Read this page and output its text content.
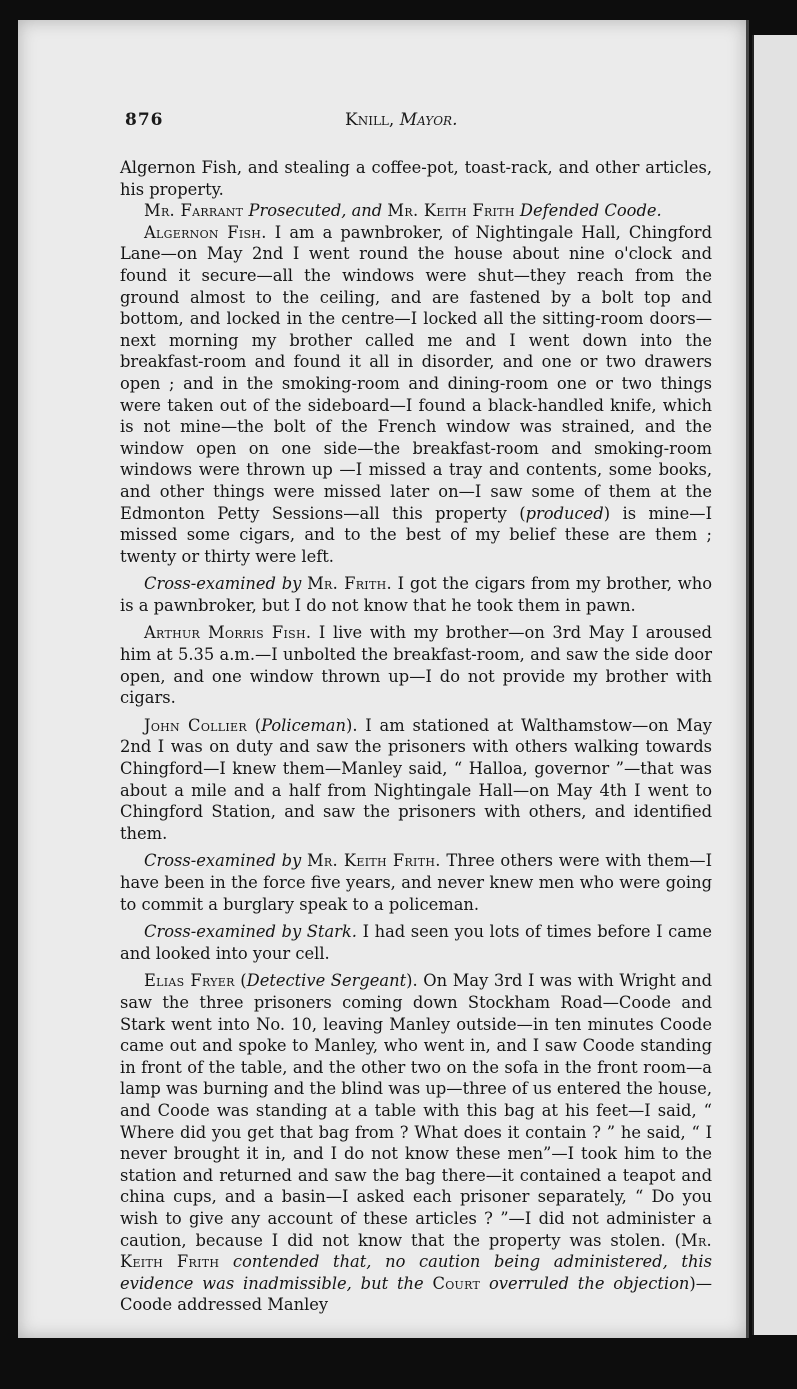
876	Knill, Mayor.

Algernon Fish, and stealing a coffee-pot, toast-rack, and other articles, his property.

Mr. Farrant Prosecuted, and Mr. Keith Frith Defended Coode.

Algernon Fish. I am a pawnbroker, of Nightingale Hall, Chingford Lane—on May 2nd I went round the house about nine o'clock and found it secure—all the windows were shut—they reach from the ground almost to the ceiling, and are fastened by a bolt top and bottom, and locked in the centre—I locked all the sitting-room doors—next morning my brother called me and I went down into the breakfast-room and found it all in disorder, and one or two drawers open ; and in the smoking-room and dining-room one or two things were taken out of the sideboard—I found a black-handled knife, which is not mine—the bolt of the French window was strained, and the window open on one side—the breakfast-room and smoking-room windows were thrown up —I missed a tray and contents, some books, and other things were missed later on—I saw some of them at the Edmonton Petty Sessions—all this property (produced) is mine—I missed some cigars, and to the best of my belief these are them ; twenty or thirty were left.

Cross-examined by Mr. Frith. I got the cigars from my brother, who is a pawnbroker, but I do not know that he took them in pawn.

Arthur Morris Fish. I live with my brother—on 3rd May I aroused him at 5.35 a.m.—I unbolted the breakfast-room, and saw the side door open, and one window thrown up—I do not provide my brother with cigars.

John Collier (Policeman). I am stationed at Walthamstow—on May 2nd I was on duty and saw the prisoners with others walking towards Chingford—I knew them—Manley said, “ Halloa, governor ”—that was about a mile and a half from Nightingale Hall—on May 4th I went to Chingford Station, and saw the prisoners with others, and identified them.

Cross-examined by Mr. Keith Frith. Three others were with them—I have been in the force five years, and never knew men who were going to commit a burglary speak to a policeman.

Cross-examined by Stark. I had seen you lots of times before I came and looked into your cell.

Elias Fryer (Detective Sergeant). On May 3rd I was with Wright and saw the three prisoners coming down Stockham Road—Coode and Stark went into No. 10, leaving Manley outside—in ten minutes Coode came out and spoke to Manley, who went in, and I saw Coode standing in front of the table, and the other two on the sofa in the front room—a lamp was burning and the blind was up—three of us entered the house, and Coode was standing at a table with this bag at his feet—I said, “ Where did you get that bag from ? What does it contain ? ” he said, “ I never brought it in, and I do not know these men”—I took him to the station and returned and saw the bag there—it contained a teapot and china cups, and a basin—I asked each prisoner separately, “ Do you wish to give any account of these articles ? ”—I did not administer a caution, because I did not know that the property was stolen. (Mr. Keith Frith contended that, no caution being administered, this evidence was inadmissible, but the Court overruled the objection)—Coode addressed Manley
